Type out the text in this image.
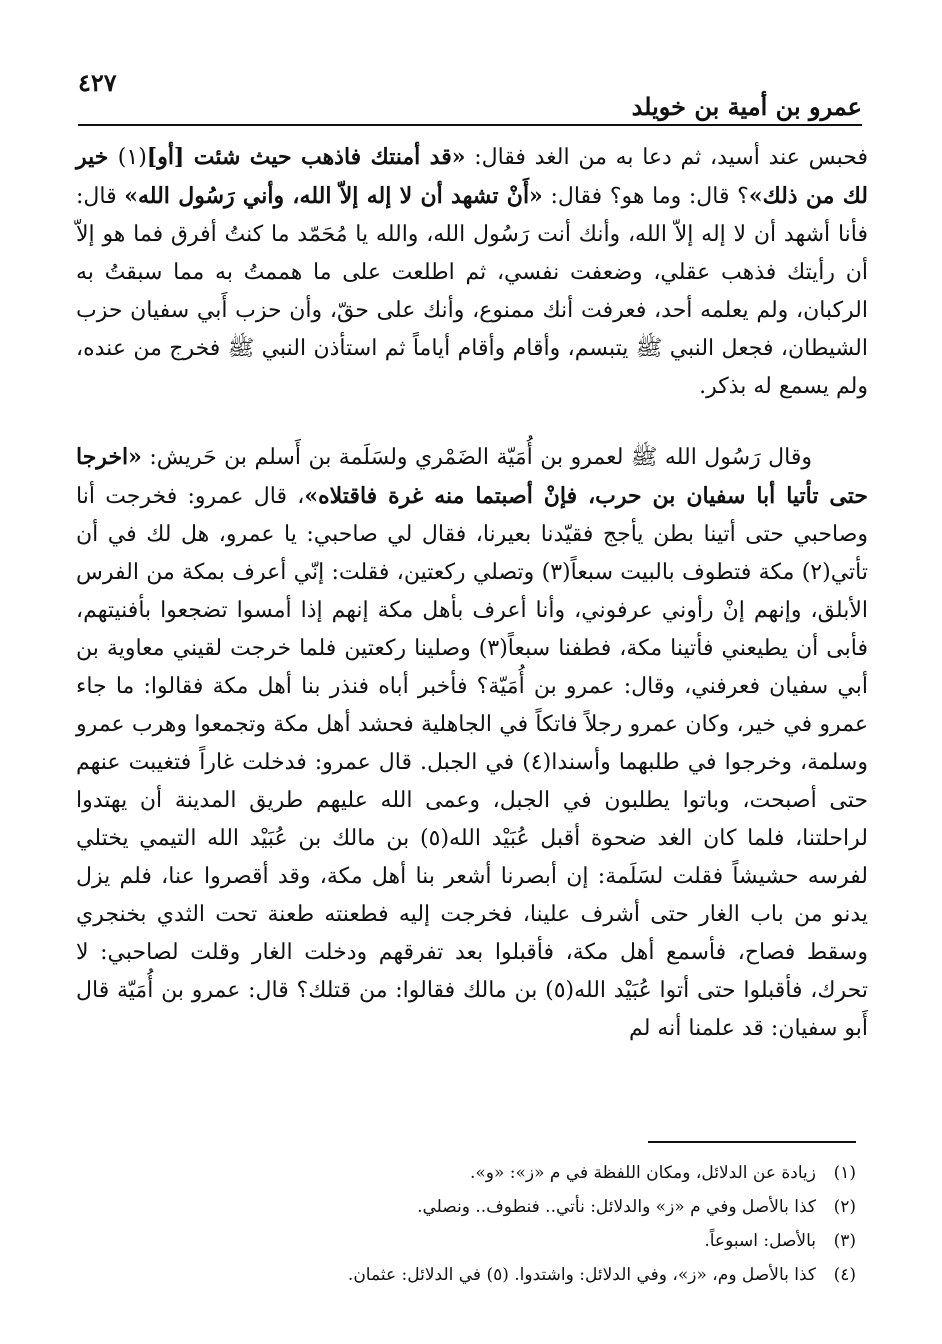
٤٢٧
عمرو بن أمية بن خويلد

فحبس عند أسيد، ثم دعا به من الغد فقال: «قد أمنتك فاذهب حيث شئت [أو](١) خير لك من ذلك»؟ قال: وما هو؟ فقال: «أَنْ تشهد أن لا إله إلاّ الله، وأني رَسُول الله» قال: فأنا أشهد أن لا إله إلاّ الله، وأنك أنت رَسُول الله، والله يا مُحَمّد ما كنتُ أفرق فما هو إلاّ أن رأيتك فذهب عقلي، وضعفت نفسي، ثم اطلعت على ما هممتُ به مما سبقتُ به الركبان، ولم يعلمه أحد، فعرفت أنك ممنوع، وأنك على حقّ، وأن حزب أَبي سفيان حزب الشيطان، فجعل النبي ﷺ يتبسم، وأقام وأقام أياماً ثم استأذن النبي ﷺ فخرج من عنده، ولم يسمع له بذكر.

وقال رَسُول الله ﷺ لعمرو بن أُمَيّة الضَمْري ولسَلَمة بن أَسلم بن حَريش: «اخرجا حتى تأتيا أبا سفيان بن حرب، فإنْ أصبتما منه غرة فاقتلاه»، قال عمرو: فخرجت أنا وصاحبي حتى أتينا بطن يأجج فقيّدنا بعيرنا، فقال لي صاحبي: يا عمرو، هل لك في أن تأتي(٢) مكة فتطوف بالبيت سبعاً(٣) وتصلي ركعتين، فقلت: إنّي أعرف بمكة من الفرس الأبلق، وإنهم إنْ رأوني عرفوني، وأنا أعرف بأهل مكة إنهم إذا أمسوا تضجعوا بأفنيتهم، فأبى أن يطيعني فأتينا مكة، فطفنا سبعاً(٣) وصلينا ركعتين فلما خرجت لقيني معاوية بن أبي سفيان فعرفني، وقال: عمرو بن أُمَيّة؟ فأخبر أباه فنذر بنا أهل مكة فقالوا: ما جاء عمرو في خير، وكان عمرو رجلاً فاتكاً في الجاهلية فحشد أهل مكة وتجمعوا وهرب عمرو وسلمة، وخرجوا في طلبهما وأسندا(٤) في الجبل. قال عمرو: فدخلت غاراً فتغيبت عنهم حتى أصبحت، وباتوا يطلبون في الجبل، وعمى الله عليهم طريق المدينة أن يهتدوا لراحلتنا، فلما كان الغد ضحوة أقبل عُبَيْد الله(٥) بن مالك بن عُبَيْد الله التيمي يختلي لفرسه حشيشاً فقلت لسَلَمة: إن أبصرنا أشعر بنا أهل مكة، وقد أقصروا عنا، فلم يزل يدنو من باب الغار حتى أشرف علينا، فخرجت إليه فطعنته طعنة تحت الثدي بخنجري وسقط فصاح، فأسمع أهل مكة، فأقبلوا بعد تفرقهم ودخلت الغار وقلت لصاحبي: لا تحرك، فأقبلوا حتى أتوا عُبَيْد الله(٥) بن مالك فقالوا: من قتلك؟ قال: عمرو بن أُمَيّة قال أَبو سفيان: قد علمنا أنه لم

(١)زيادة عن الدلائل، ومكان اللفظة في م «ز»: «و».
(٢)كذا بالأصل وفي م «ز» والدلائل: نأتي.. فنطوف.. ونصلي.
(٣)بالأصل: اسبوعاً.
(٤)كذا بالأصل وم، «ز»، وفي الدلائل: واشتدوا. (٥) في الدلائل: عثمان.
